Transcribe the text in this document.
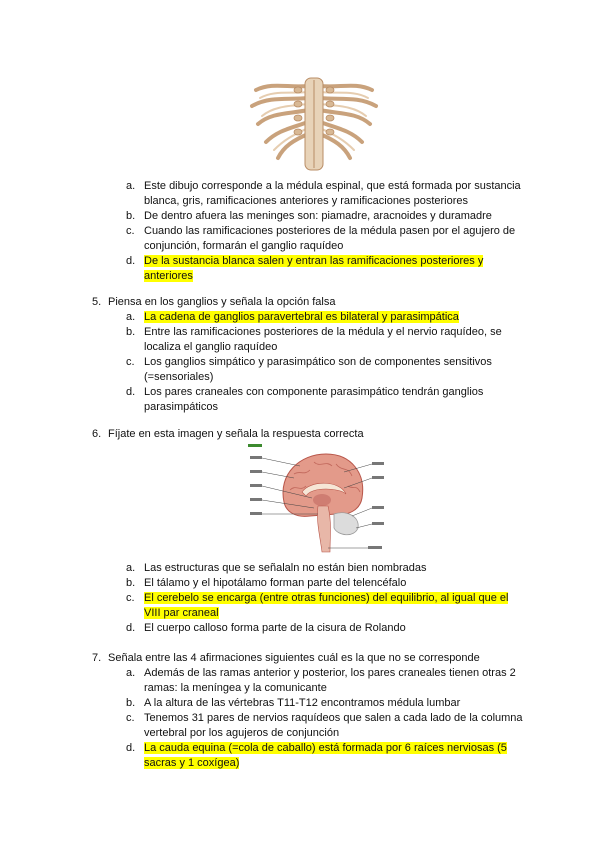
a. Este dibujo corresponde a la médula espinal, que está formada por sustancia blanca, gris, ramificaciones anteriores y ramificaciones posteriores
b. De dentro afuera las meninges son: piamadre, aracnoides y duramadre
c. Cuando las ramificaciones posteriores de la médula pasen por el agujero de conjunción, formarán el ganglio raquídeo
d. De la sustancia blanca salen y entran las ramificaciones posteriores y anteriores
5. Piensa en los ganglios y señala la opción falsa
a. La cadena de ganglios paravertebral es bilateral y parasimpática
b. Entre las ramificaciones posteriores de la médula y el nervio raquídeo, se localiza el ganglio raquídeo
c. Los ganglios simpático y parasimpático son de componentes sensitivos (=sensoriales)
d. Los pares craneales con componente parasimpático tendrán ganglios parasimpáticos
6. Fíjate en esta imagen y señala la respuesta correcta
a. Las estructuras que se señalaln no están bien nombradas
b. El tálamo y el hipotálamo forman parte del telencéfalo
c. El cerebelo se encarga (entre otras funciones) del equilibrio, al igual que el VIII par craneal
d. El cuerpo calloso forma parte de la cisura de Rolando
7. Señala entre las 4 afirmaciones siguientes cuál es la que no se corresponde
a. Además de las ramas anterior y posterior, los pares craneales tienen otras 2 ramas: la meníngea y la comunicante
b. A la altura de las vértebras T11-T12 encontramos médula lumbar
c. Tenemos 31 pares de nervios raquídeos que salen a cada lado de la columna vertebral por los agujeros de conjunción
d. La cauda equina (=cola de caballo) está formada por 6 raíces nerviosas (5 sacras y 1 coxígea)
